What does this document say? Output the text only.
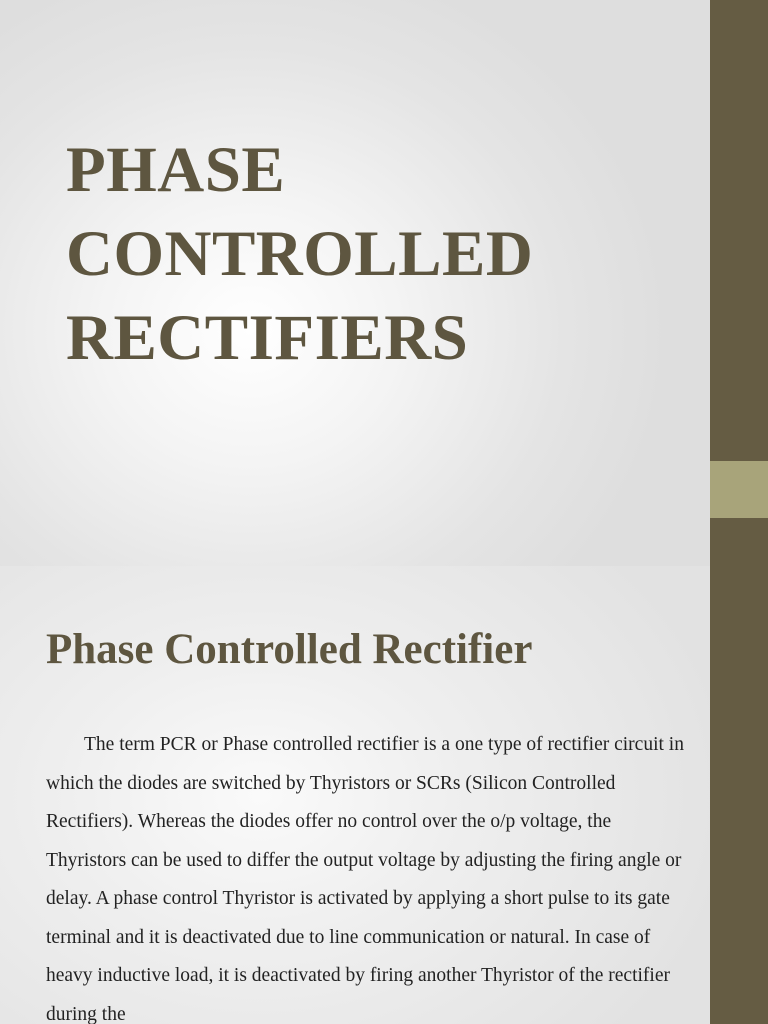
PHASE
CONTROLLED
RECTIFIERS
Phase Controlled Rectifier

The term PCR or Phase controlled rectifier is a one type of rectifier circuit in which the diodes are switched by Thyristors or SCRs (Silicon Controlled Rectifiers). Whereas the diodes offer no control over the o/p voltage, the Thyristors can be used to differ the output voltage by adjusting the firing angle or delay. A phase control Thyristor is activated by applying a short pulse to its gate terminal and it is deactivated due to line communication or natural. In case of heavy inductive load, it is deactivated by firing another Thyristor of the rectifier during the
